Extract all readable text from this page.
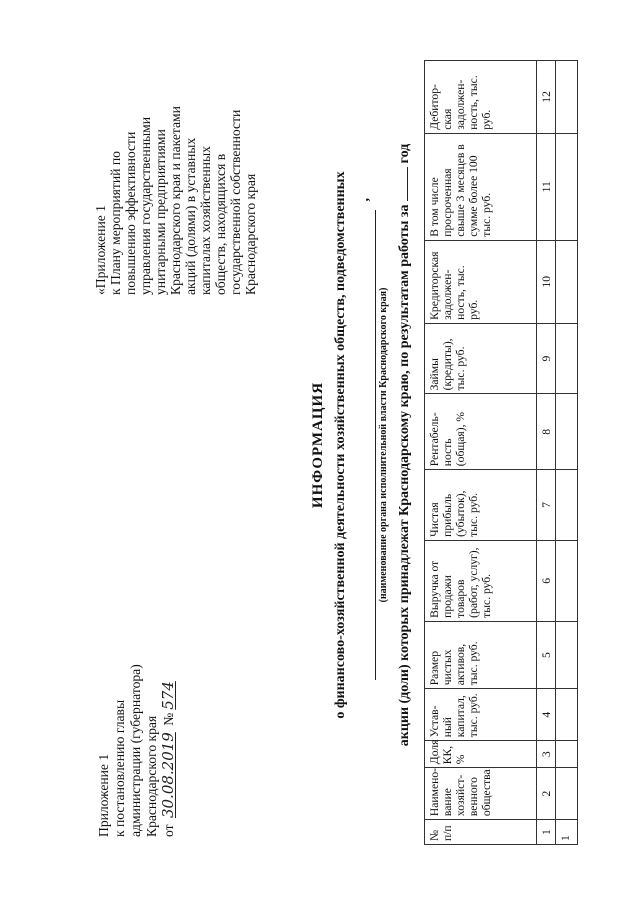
Приложение 1 к постановлению главы администрации (губернатора) Краснодарского края от 30.08.2019 №574
«Приложение 1 к Плану мероприятий по повышению эффективности управления государственными унитарными предприятиями Краснодарского края и пакетами акций (долями) в уставных капиталах хозяйственных обществ, находящихся в государственной собственности Краснодарского края
ИНФОРМАЦИЯ о финансово-хозяйственной деятельности хозяйственных обществ, подведомственных ,
(наименование органа исполнительной власти Краснодарского края) акции (доли) которых принадлежат Краснодарскому краю, по результатам работы за  год
№ п/п	Наимено-вание хозяйст-венного общества	Доля КК, %	Устав-ный капитал, тыс. руб.	Размер чистых активов, тыс. руб.	Выручка от продажи товаров (работ, услуг), тыс. руб.	Чистая прибыль (убыток), тыс. руб.	Рентабель-ность (общая), %	Займы (кредиты), тыс. руб.	Кредиторская задолжен-ность, тыс. руб.	В том числе просроченная свыше 3 месяцев в сумме более 100 тыс. руб.	Дебитор-ская задолжен-ность, тыс. руб.
1	2	3	4	5	6	7	8	9	10	11	12
1											
